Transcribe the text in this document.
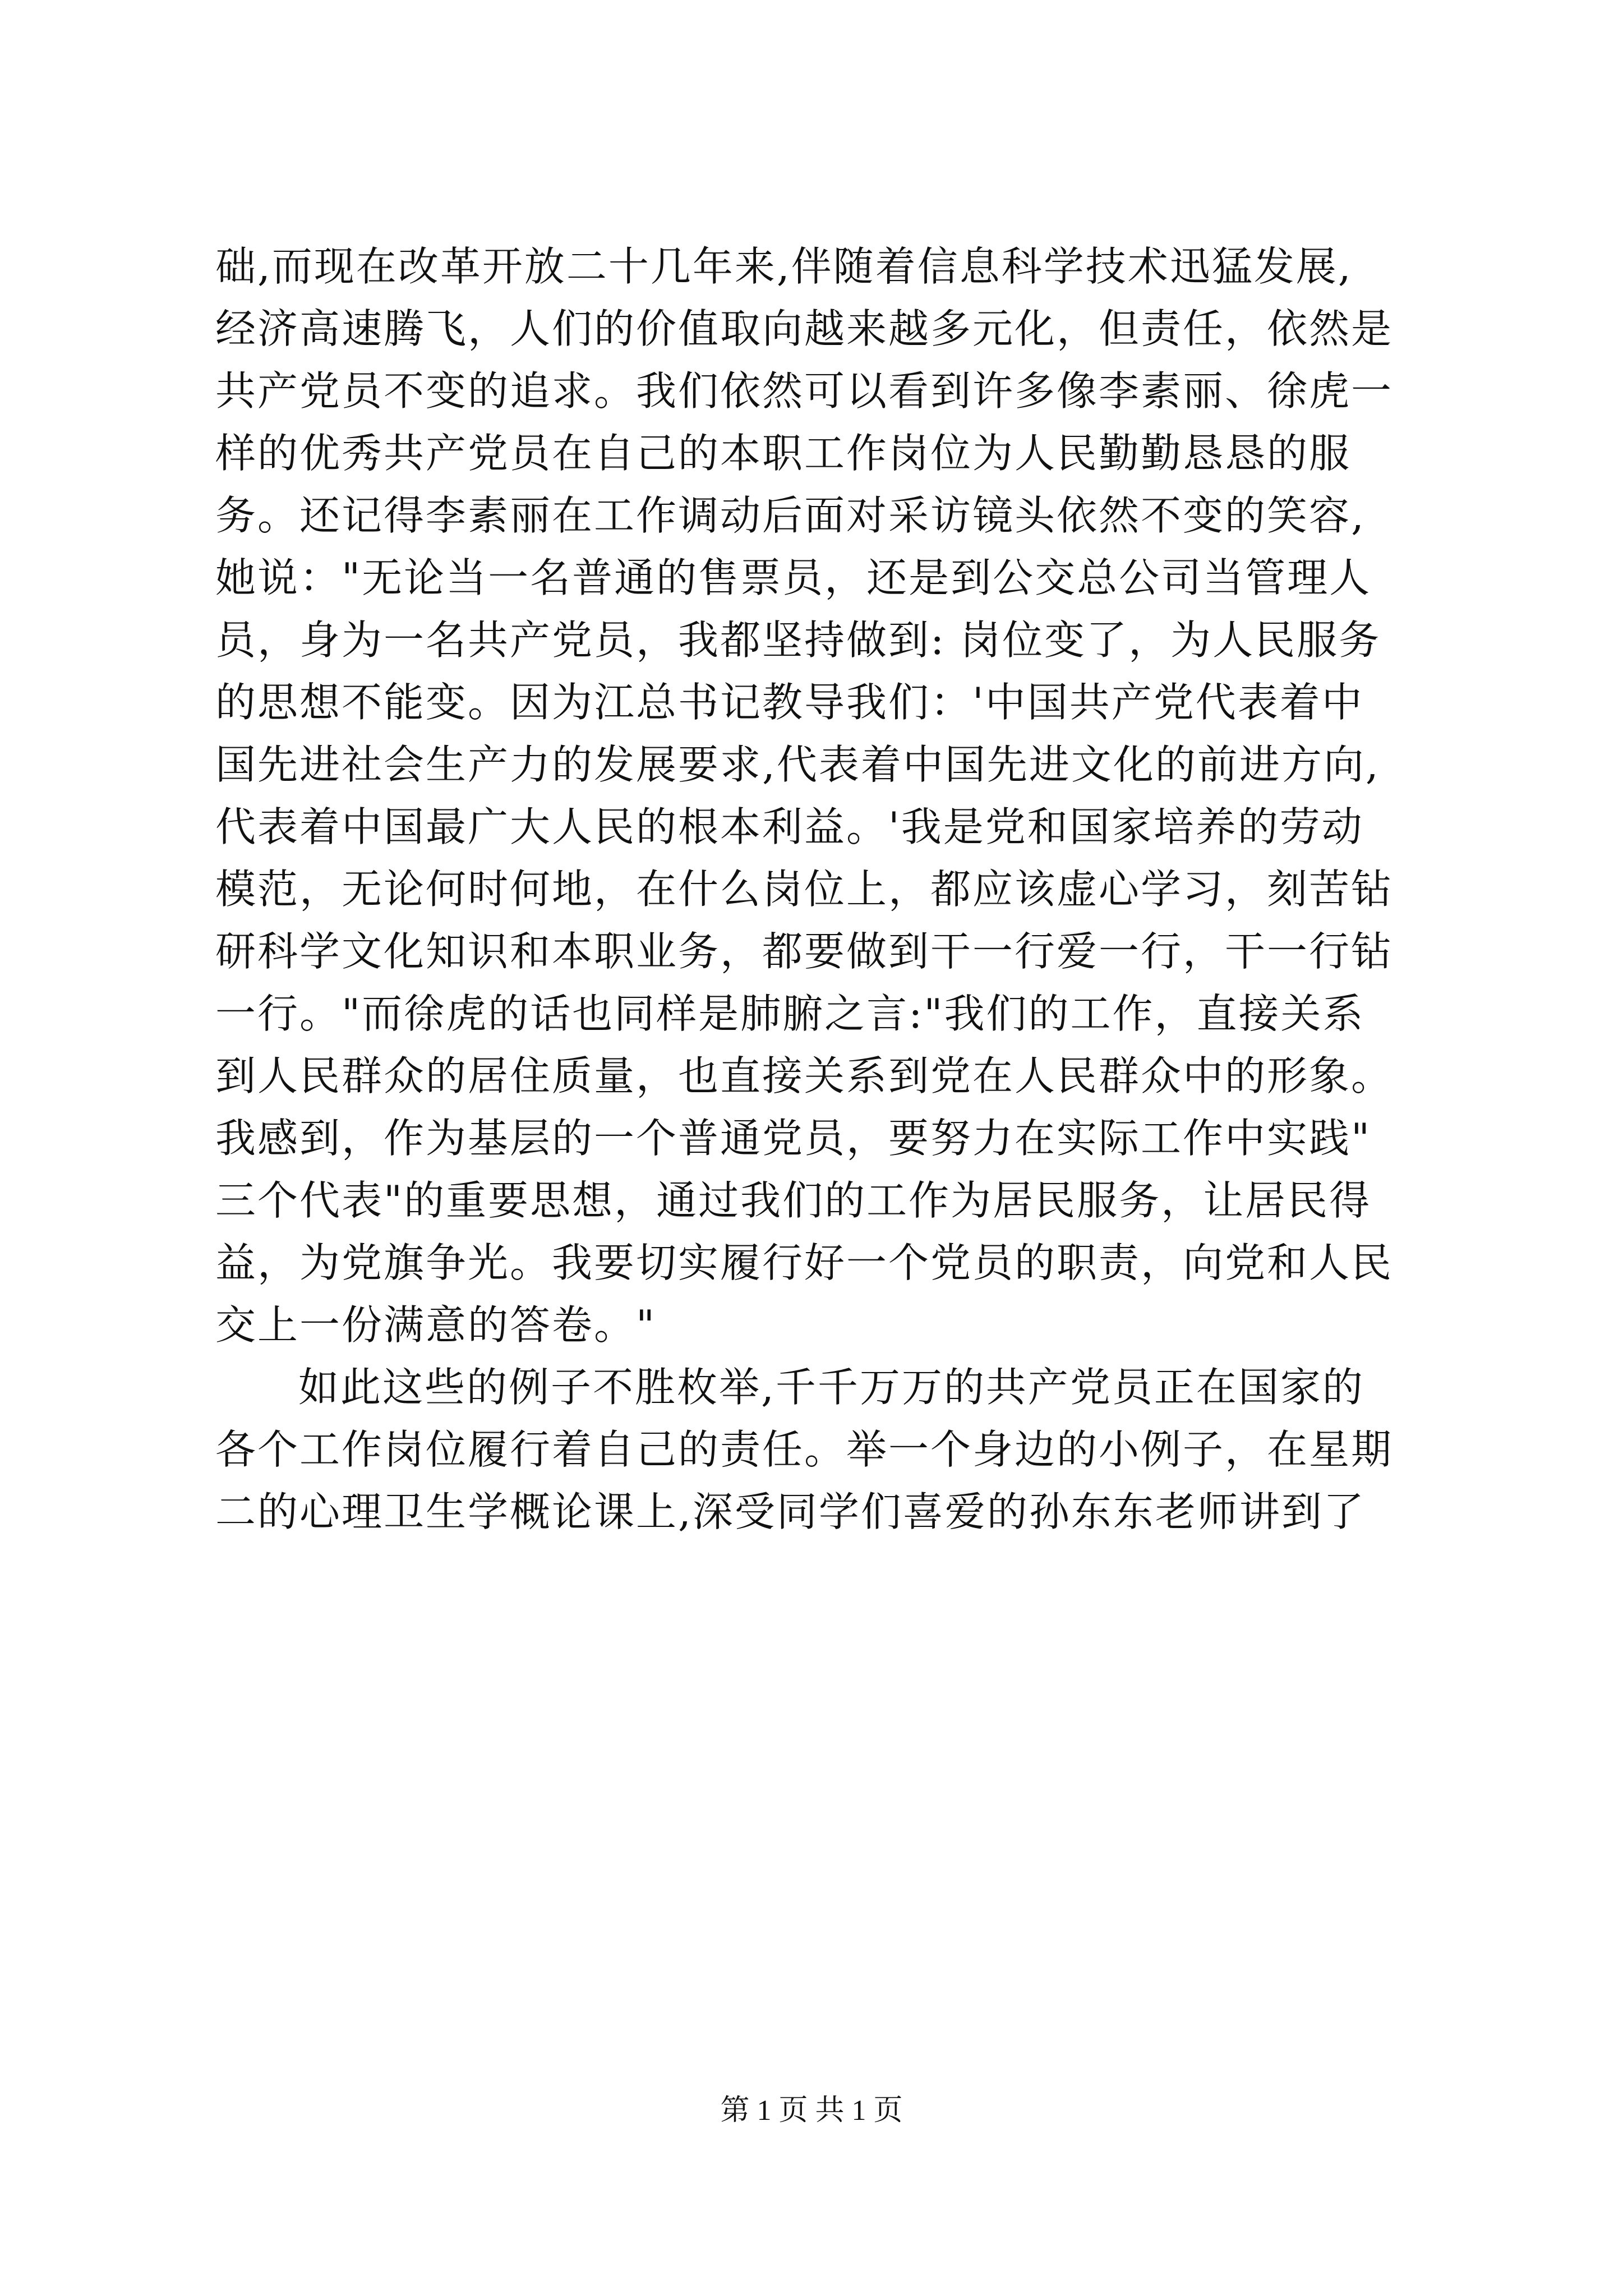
础,而现在改革开放二十几年来,伴随着信息科学技术迅猛发展,
经济高速腾飞，人们的价值取向越来越多元化，但责任，依然是
共产党员不变的追求。我们依然可以看到许多像李素丽、徐虎一
样的优秀共产党员在自己的本职工作岗位为人民勤勤恳恳的服
务。还记得李素丽在工作调动后面对采访镜头依然不变的笑容,
她说："无论当一名普通的售票员，还是到公交总公司当管理人
员，身为一名共产党员，我都坚持做到: 岗位变了，为人民服务
的思想不能变。因为江总书记教导我们：'中国共产党代表着中
国先进社会生产力的发展要求,代表着中国先进文化的前进方向,
代表着中国最广大人民的根本利益。'我是党和国家培养的劳动
模范，无论何时何地，在什么岗位上，都应该虚心学习，刻苦钻
研科学文化知识和本职业务，都要做到干一行爱一行，干一行钻
一行。"而徐虎的话也同样是肺腑之言:"我们的工作，直接关系
到人民群众的居住质量，也直接关系到党在人民群众中的形象。
我感到，作为基层的一个普通党员，要努力在实际工作中实践"
三个代表"的重要思想，通过我们的工作为居民服务，让居民得
益，为党旗争光。我要切实履行好一个党员的职责，向党和人民
交上一份满意的答卷。"
如此这些的例子不胜枚举,千千万万的共产党员正在国家的
各个工作岗位履行着自己的责任。举一个身边的小例子，在星期
二的心理卫生学概论课上,深受同学们喜爱的孙东东老师讲到了
第 1 页 共 1 页
